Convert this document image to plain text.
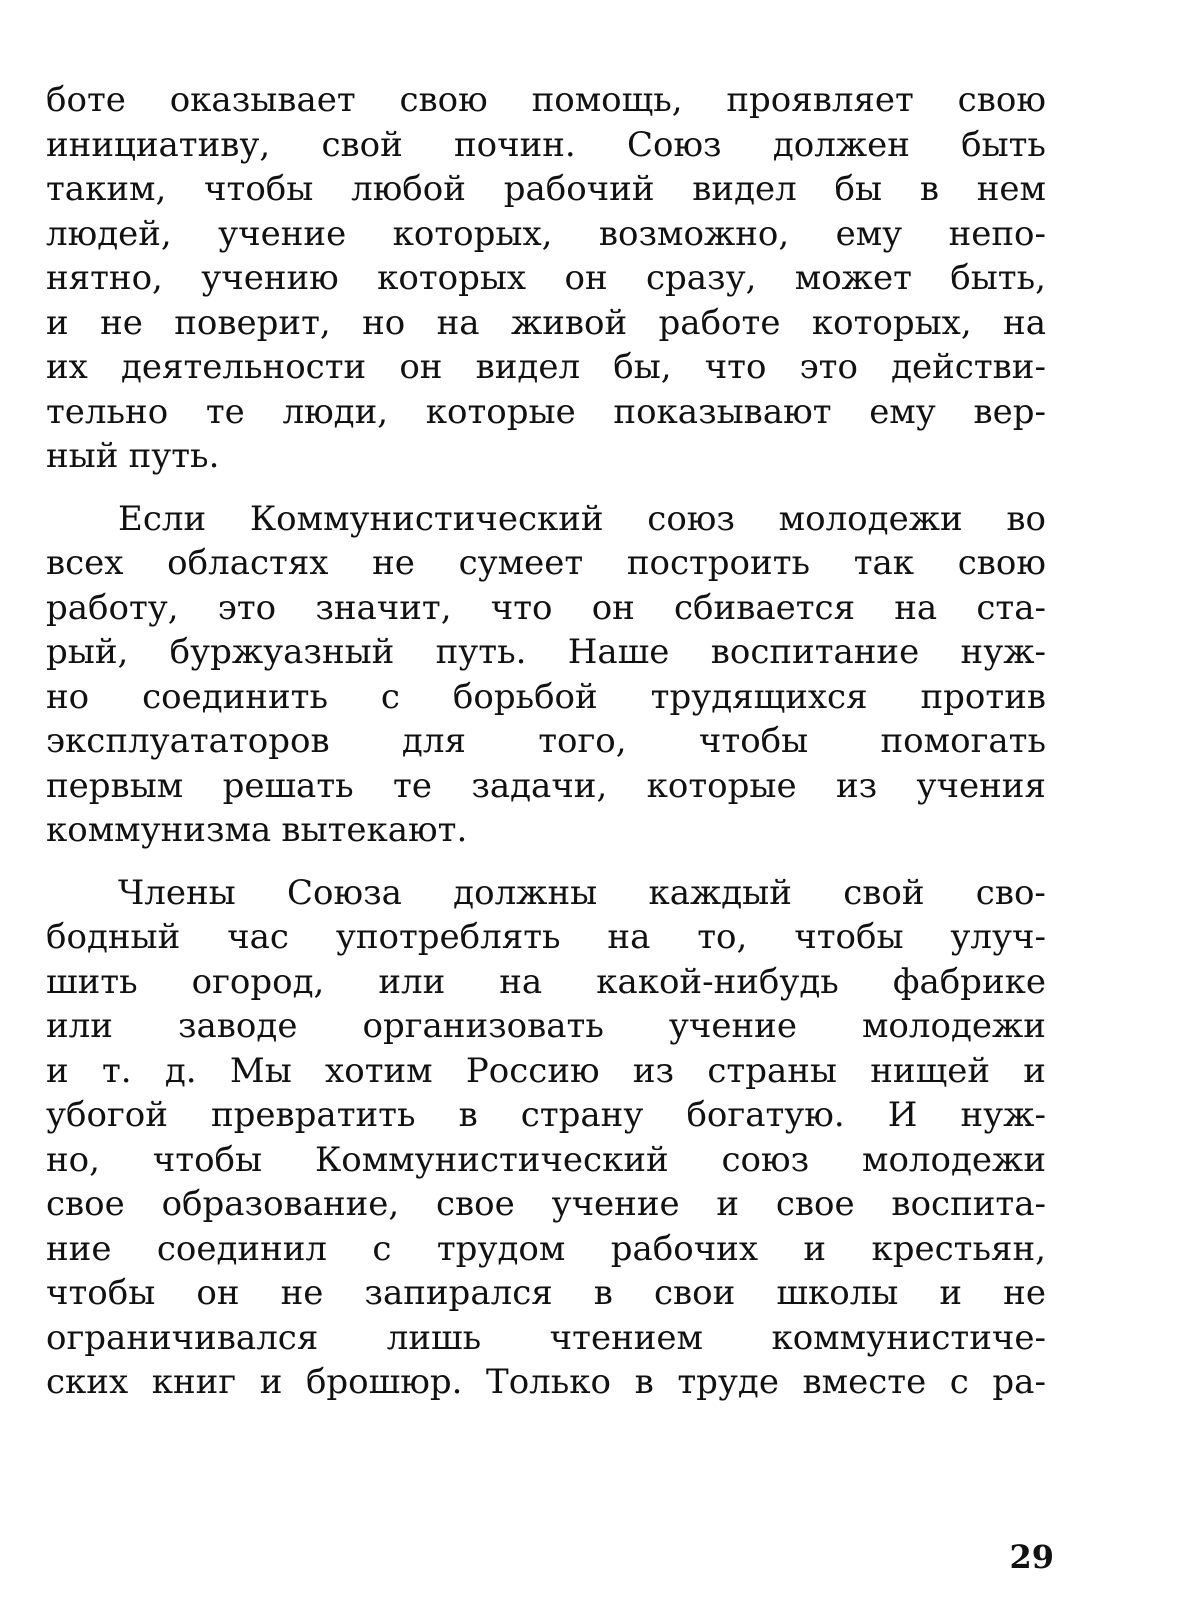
боте оказывает свою помощь, проявляет свою
инициативу, свой почин. Союз должен быть
таким, чтобы любой рабочий видел бы в нем
людей, учение которых, возможно, ему непо-
нятно, учению которых он сразу, может быть,
и не поверит, но на живой работе которых, на
их деятельности он видел бы, что это действи-
тельно те люди, которые показывают ему вер-
ный путь.
Если Коммунистический союз молодежи во
всех областях не сумеет построить так свою
работу, это значит, что он сбивается на ста-
рый, буржуазный путь. Наше воспитание нуж-
но соединить с борьбой трудящихся против
эксплуататоров для того, чтобы помогать
первым решать те задачи, которые из учения
коммунизма вытекают.
Члены Союза должны каждый свой сво-
бодный час употреблять на то, чтобы улуч-
шить огород, или на какой-нибудь фабрике
или заводе организовать учение молодежи
и т. д. Мы хотим Россию из страны нищей и
убогой превратить в страну богатую. И нуж-
но, чтобы Коммунистический союз молодежи
свое образование, свое учение и свое воспита-
ние соединил с трудом рабочих и крестьян,
чтобы он не запирался в свои школы и не
ограничивался лишь чтением коммунистиче-
ских книг и брошюр. Только в труде вместе с ра-
29
